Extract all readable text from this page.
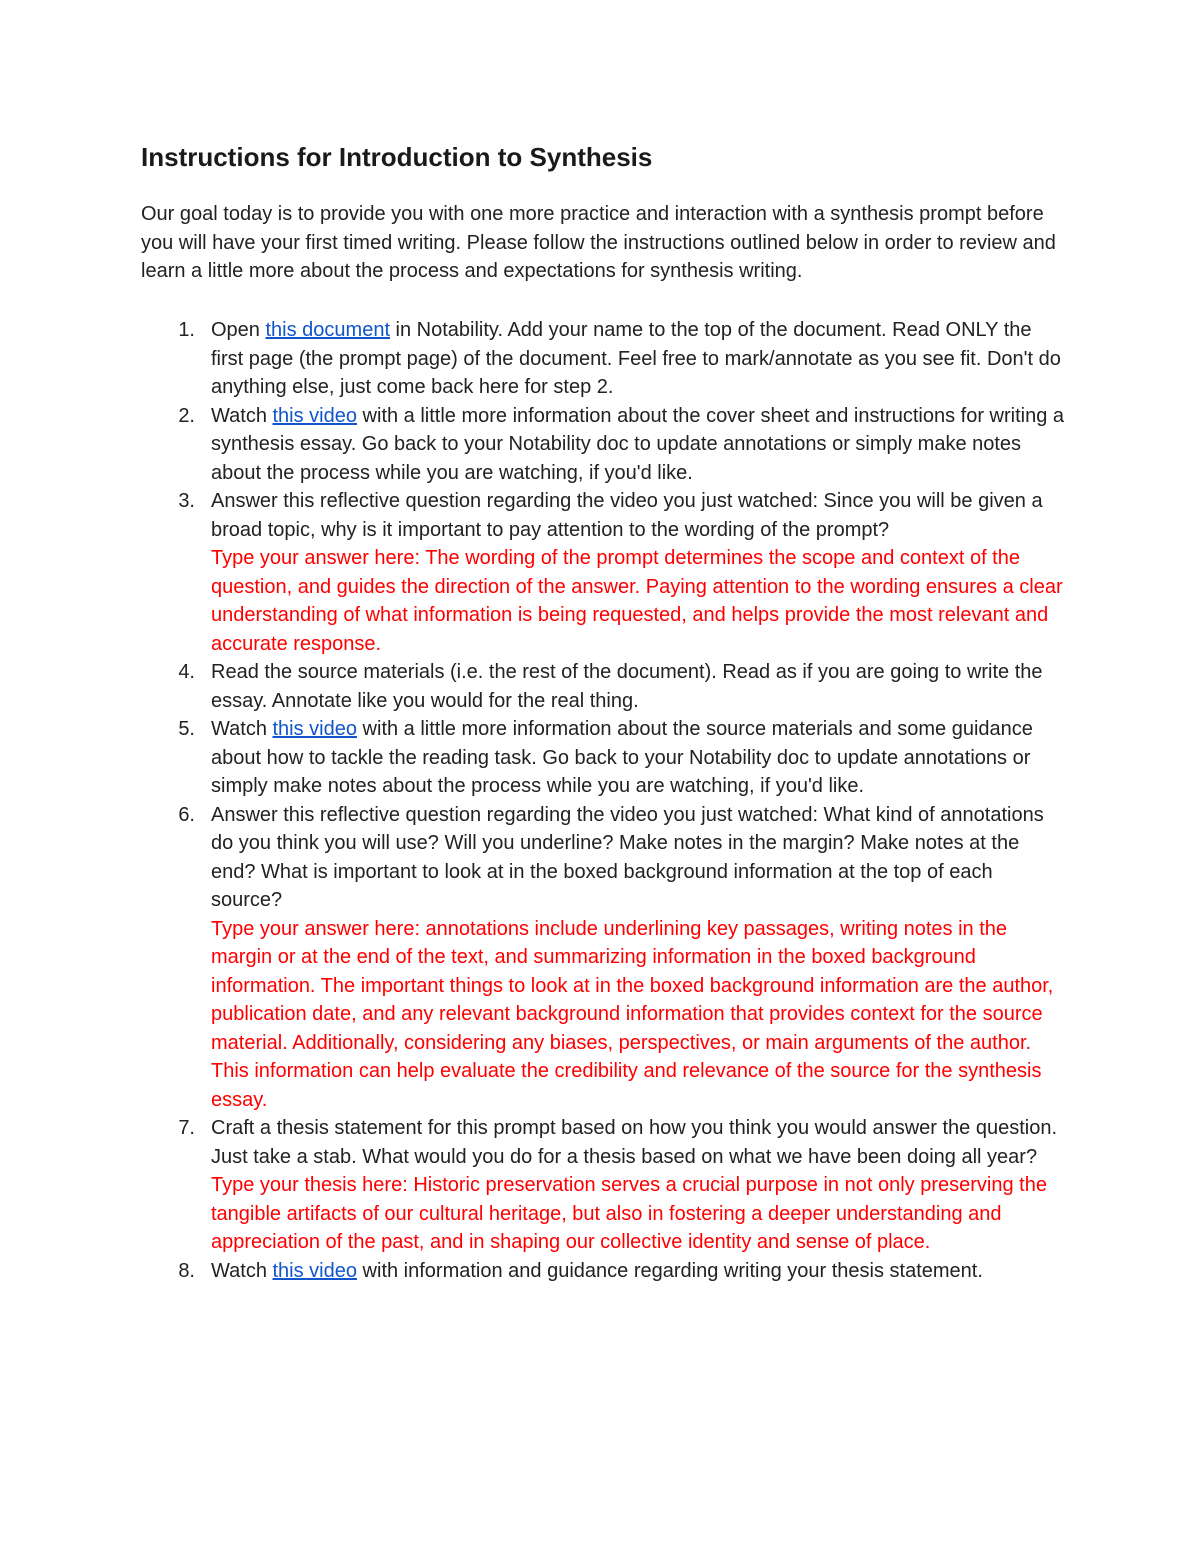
Instructions for Introduction to Synthesis

Our goal today is to provide you with one more practice and interaction with a synthesis prompt before you will have your first timed writing. Please follow the instructions outlined below in order to review and learn a little more about the process and expectations for synthesis writing.

1. Open this document in Notability. Add your name to the top of the document. Read ONLY the first page (the prompt page) of the document. Feel free to mark/annotate as you see fit. Don't do anything else, just come back here for step 2.
2. Watch this video with a little more information about the cover sheet and instructions for writing a synthesis essay. Go back to your Notability doc to update annotations or simply make notes about the process while you are watching, if you'd like.
3. Answer this reflective question regarding the video you just watched: Since you will be given a broad topic, why is it important to pay attention to the wording of the prompt?
Type your answer here: The wording of the prompt determines the scope and context of the question, and guides the direction of the answer. Paying attention to the wording ensures a clear understanding of what information is being requested, and helps provide the most relevant and accurate response.
4. Read the source materials (i.e. the rest of the document). Read as if you are going to write the essay. Annotate like you would for the real thing.
5. Watch this video with a little more information about the source materials and some guidance about how to tackle the reading task. Go back to your Notability doc to update annotations or simply make notes about the process while you are watching, if you'd like.
6. Answer this reflective question regarding the video you just watched: What kind of annotations do you think you will use? Will you underline? Make notes in the margin? Make notes at the end? What is important to look at in the boxed background information at the top of each source?
Type your answer here: annotations include underlining key passages, writing notes in the margin or at the end of the text, and summarizing information in the boxed background information. The important things to look at in the boxed background information are the author, publication date, and any relevant background information that provides context for the source material. Additionally, considering any biases, perspectives, or main arguments of the author. This information can help evaluate the credibility and relevance of the source for the synthesis essay.
7. Craft a thesis statement for this prompt based on how you think you would answer the question. Just take a stab. What would you do for a thesis based on what we have been doing all year?
Type your thesis here: Historic preservation serves a crucial purpose in not only preserving the tangible artifacts of our cultural heritage, but also in fostering a deeper understanding and appreciation of the past, and in shaping our collective identity and sense of place.
8. Watch this video with information and guidance regarding writing your thesis statement.
